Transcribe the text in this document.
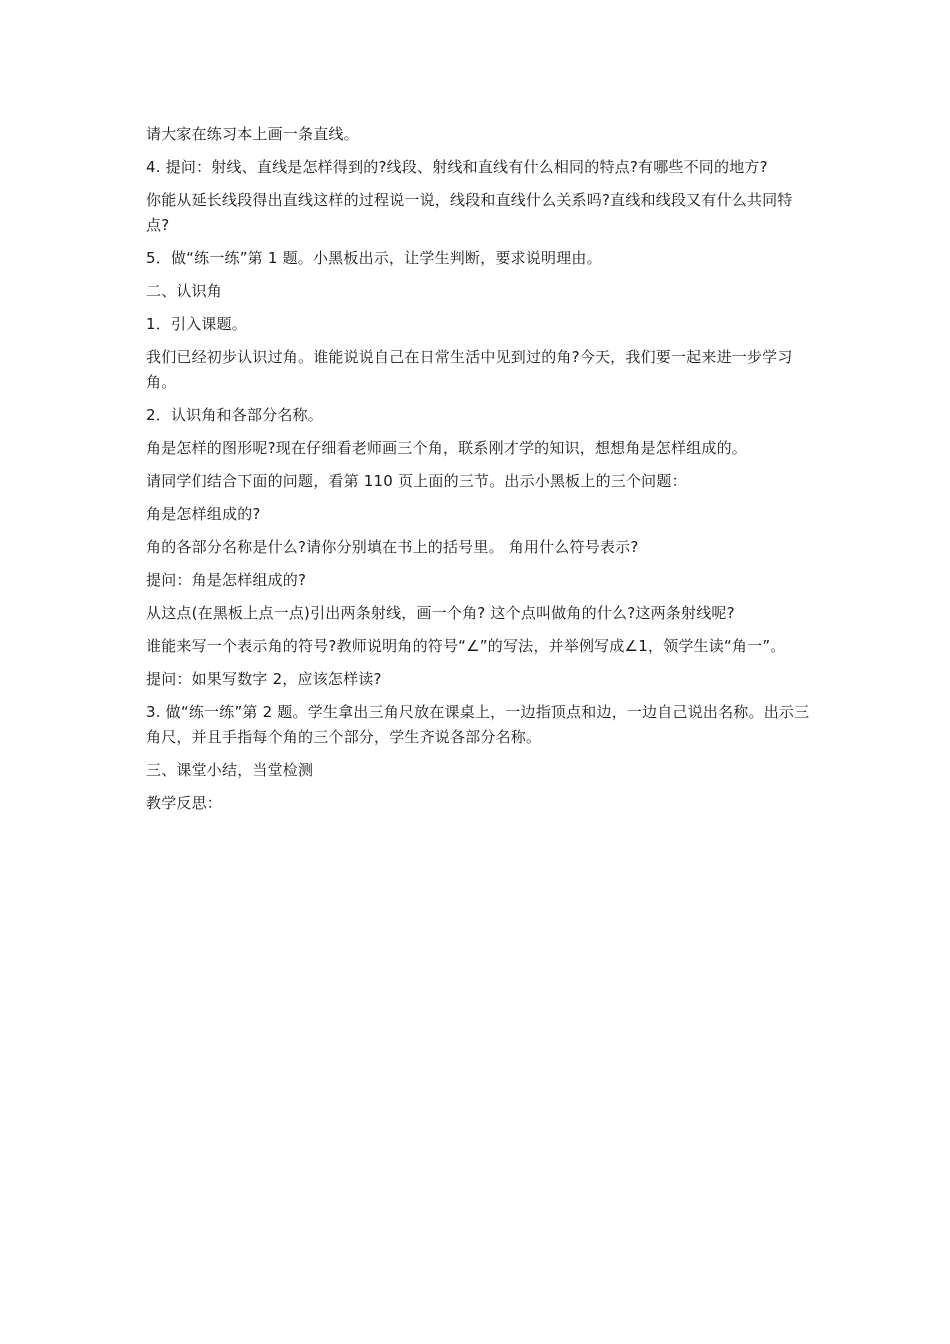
请大家在练习本上画一条直线。

4. 提问：射线、直线是怎样得到的?线段、射线和直线有什么相同的特点?有哪些不同的地方?

你能从延长线段得出直线这样的过程说一说，线段和直线什么关系吗?直线和线段又有什么共同特点?

5．做“练一练”第 1 题。小黑板出示，让学生判断，要求说明理由。

二、认识角

1．引入课题。

我们已经初步认识过角。谁能说说自己在日常生活中见到过的角?今天，我们要一起来进一步学习角。

2．认识角和各部分名称。

角是怎样的图形呢?现在仔细看老师画三个角，联系刚才学的知识，想想角是怎样组成的。

请同学们结合下面的问题，看第 110 页上面的三节。出示小黑板上的三个问题：

角是怎样组成的?

角的各部分名称是什么?请你分别填在书上的括号里。 角用什么符号表示?

提问：角是怎样组成的?

从这点(在黑板上点一点)引出两条射线，画一个角? 这个点叫做角的什么?这两条射线呢?

谁能来写一个表示角的符号?教师说明角的符号“∠”的写法，并举例写成∠1，领学生读“角一”。

提问：如果写数字 2，应该怎样读?

3. 做“练一练”第 2 题。学生拿出三角尺放在课桌上，一边指顶点和边，一边自己说出名称。出示三角尺，并且手指每个角的三个部分，学生齐说各部分名称。

三、课堂小结，当堂检测

教学反思：
